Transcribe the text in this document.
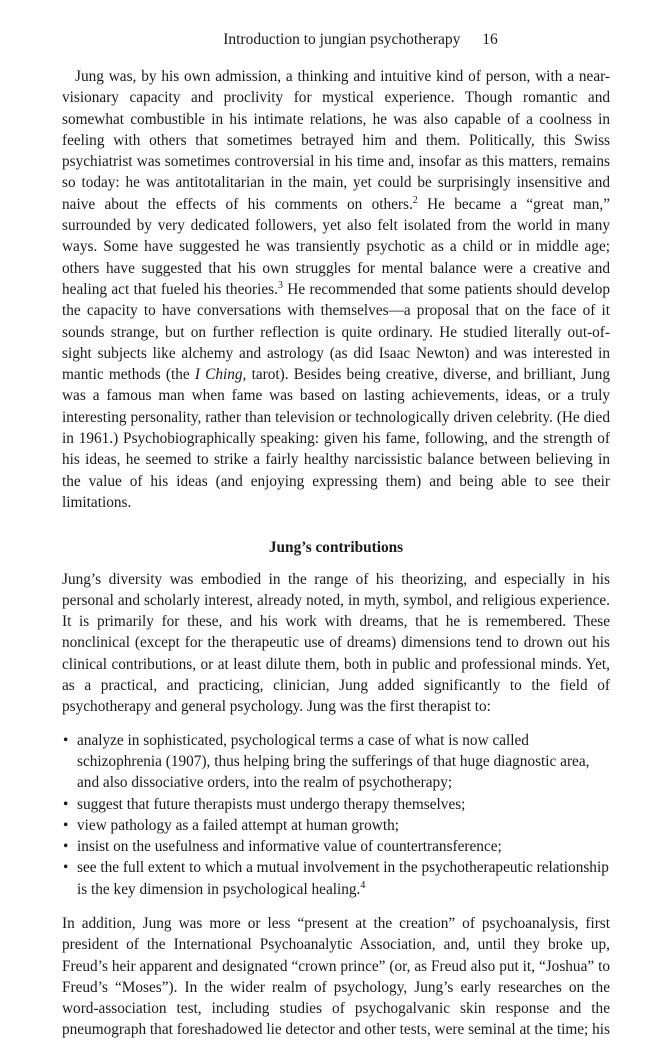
Introduction to jungian psychotherapy 16

Jung was, by his own admission, a thinking and intuitive kind of person, with a near-visionary capacity and proclivity for mystical experience. Though romantic and somewhat combustible in his intimate relations, he was also capable of a coolness in feeling with others that sometimes betrayed him and them. Politically, this Swiss psychiatrist was sometimes controversial in his time and, insofar as this matters, remains so today: he was antitotalitarian in the main, yet could be surprisingly insensitive and naive about the effects of his comments on others.$^2$ He became a “great man,” surrounded by very dedicated followers, yet also felt isolated from the world in many ways. Some have suggested he was transiently psychotic as a child or in middle age; others have suggested that his own struggles for mental balance were a creative and healing act that fueled his theories.$^3$ He recommended that some patients should develop the capacity to have conversations with themselves—a proposal that on the face of it sounds strange, but on further reflection is quite ordinary. He studied literally out-of-sight subjects like alchemy and astrology (as did Isaac Newton) and was interested in mantic methods (the I Ching, tarot). Besides being creative, diverse, and brilliant, Jung was a famous man when fame was based on lasting achievements, ideas, or a truly interesting personality, rather than television or technologically driven celebrity. (He died in 1961.) Psychobiographically speaking: given his fame, following, and the strength of his ideas, he seemed to strike a fairly healthy narcissistic balance between believing in the value of his ideas (and enjoying expressing them) and being able to see their limitations.

Jung’s contributions

Jung’s diversity was embodied in the range of his theorizing, and especially in his personal and scholarly interest, already noted, in myth, symbol, and religious experience. It is primarily for these, and his work with dreams, that he is remembered. These nonclinical (except for the therapeutic use of dreams) dimensions tend to drown out his clinical contributions, or at least dilute them, both in public and professional minds. Yet, as a practical, and practicing, clinician, Jung added significantly to the field of psychotherapy and general psychology. Jung was the first therapist to:

• analyze in sophisticated, psychological terms a case of what is now called schizophrenia (1907), thus helping bring the sufferings of that huge diagnostic area, and also dissociative orders, into the realm of psychotherapy;
• suggest that future therapists must undergo therapy themselves;
• view pathology as a failed attempt at human growth;
• insist on the usefulness and informative value of countertransference;
• see the full extent to which a mutual involvement in the psychotherapeutic relationship is the key dimension in psychological healing.$^4$

In addition, Jung was more or less “present at the creation” of psychoanalysis, first president of the International Psychoanalytic Association, and, until they broke up, Freud’s heir apparent and designated “crown prince” (or, as Freud also put it, “Joshua” to Freud’s “Moses”). In the wider realm of psychology, Jung’s early researches on the word-association test, including studies of psychogalvanic skin response and the pneumograph that foreshadowed lie detector and other tests, were seminal at the time; his
